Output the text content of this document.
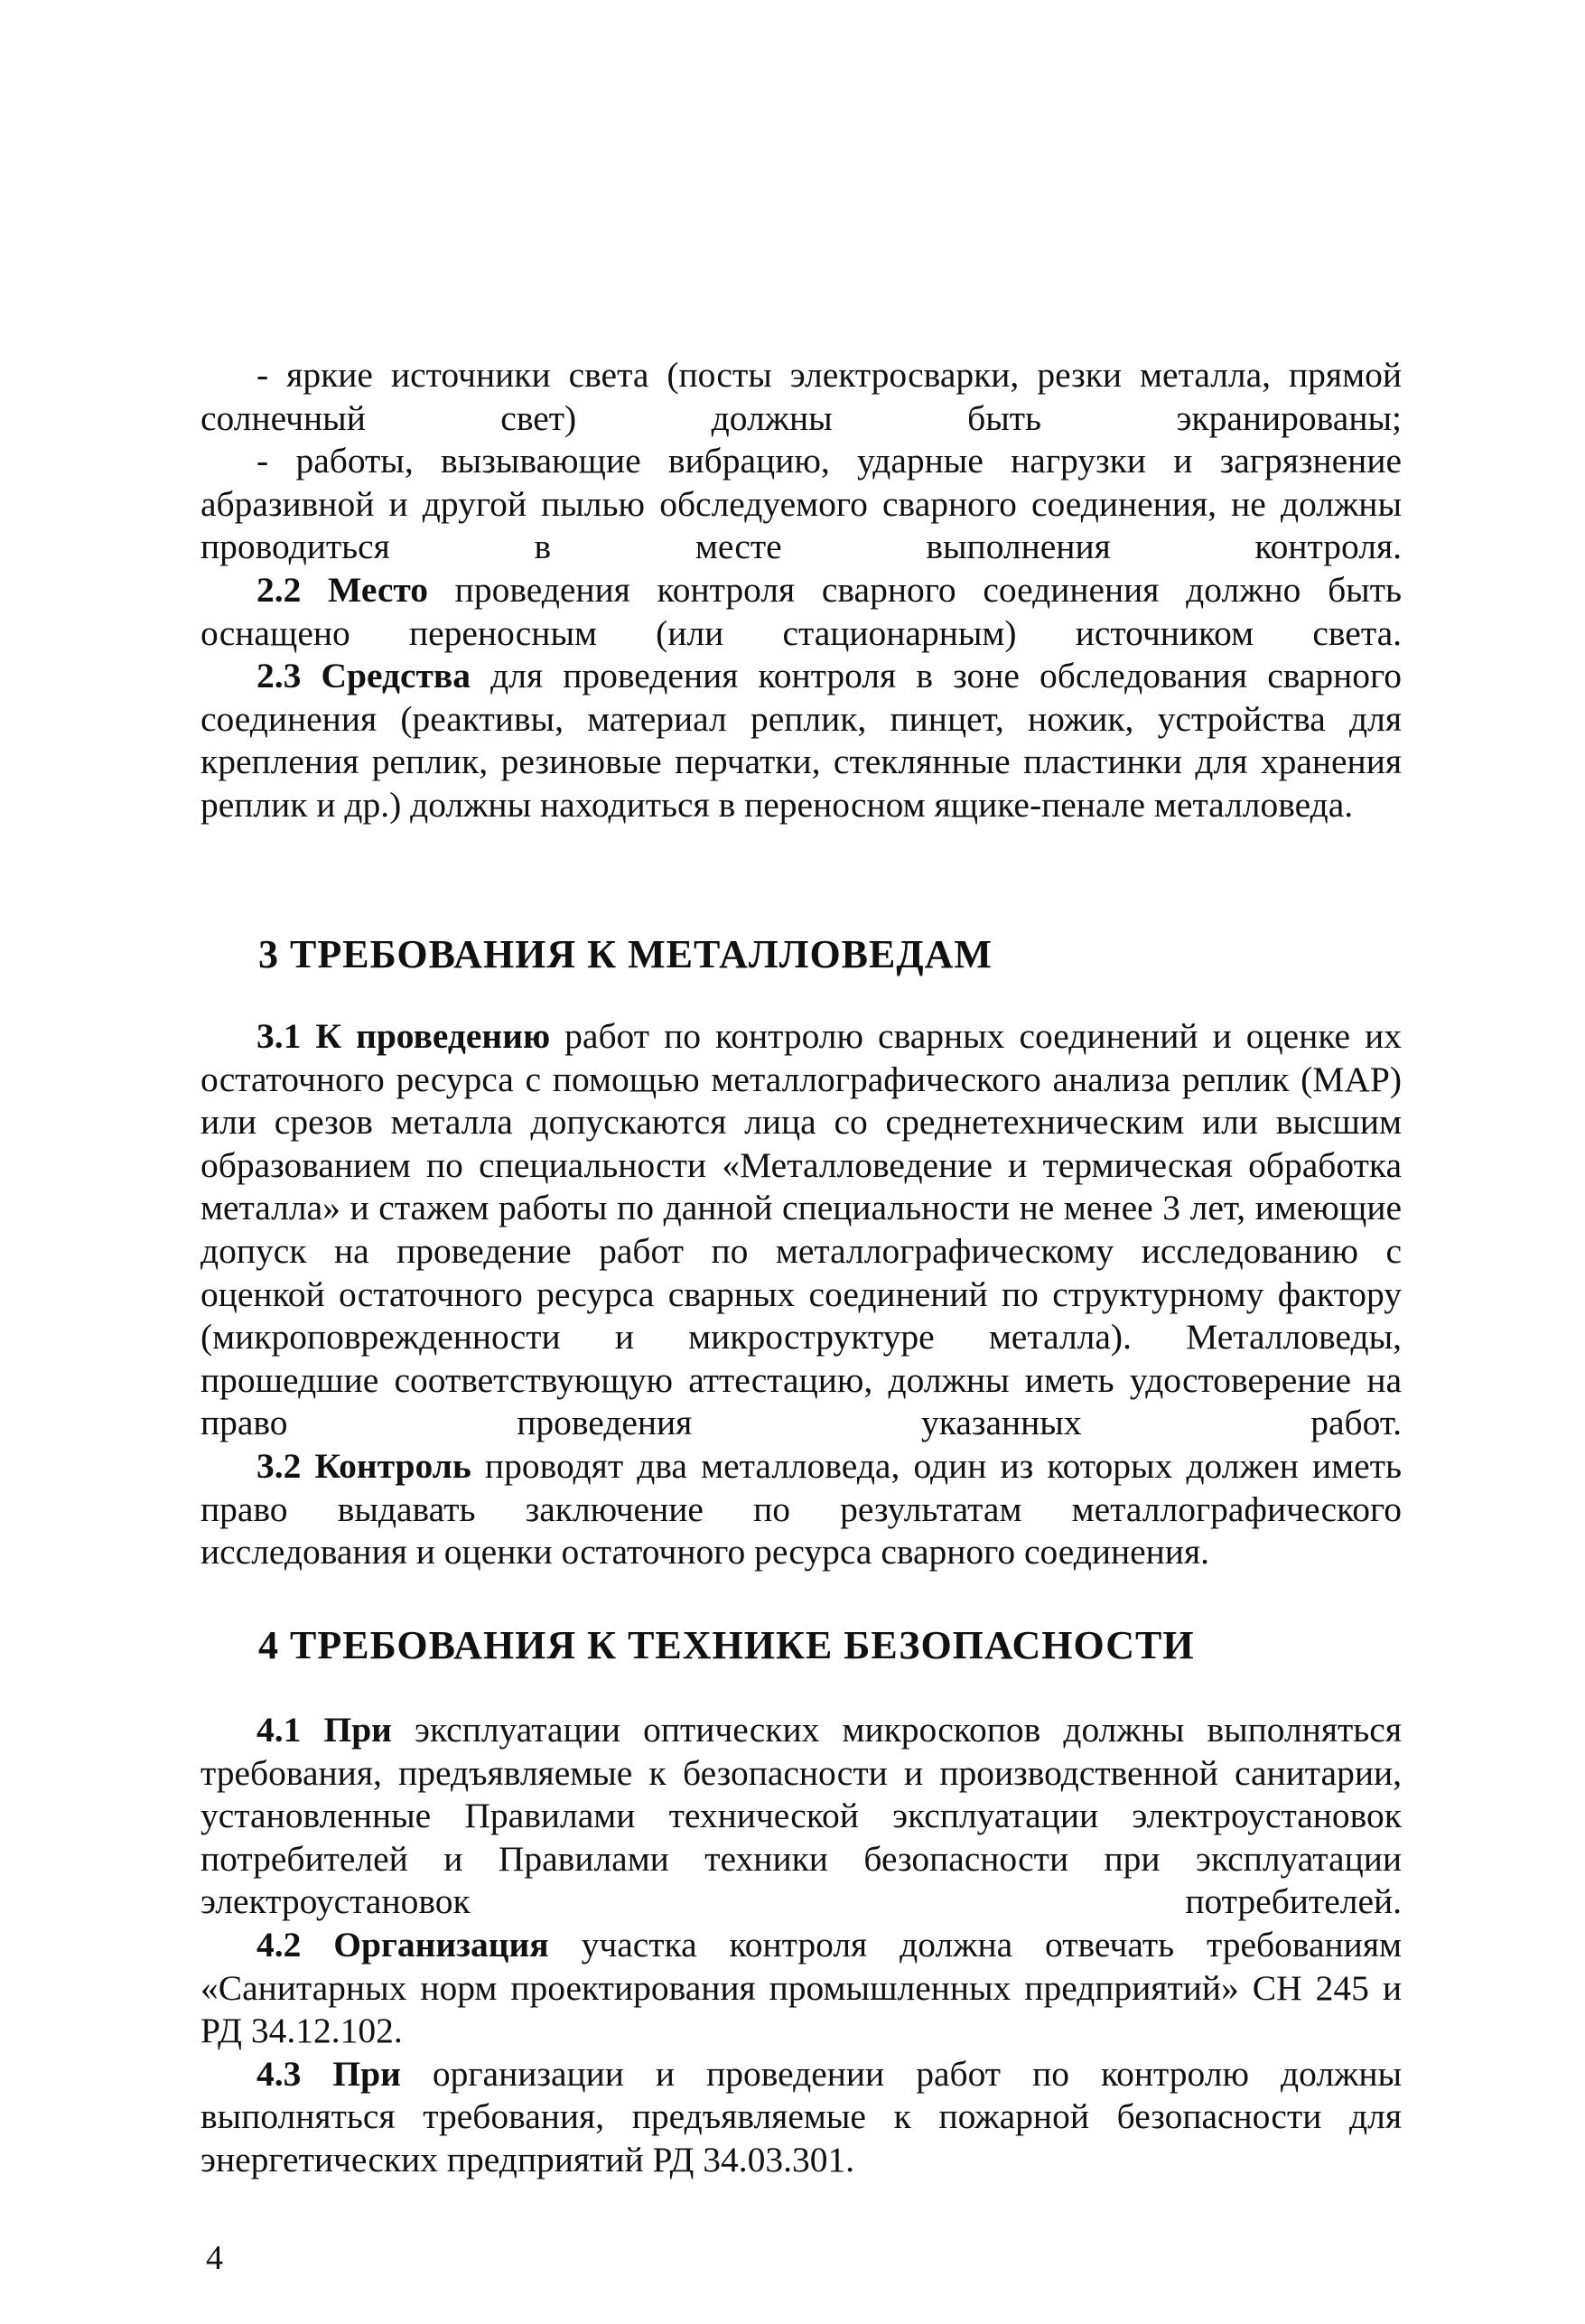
- яркие источники света (посты электросварки, резки металла, прямой солнечный свет) должны быть экранированы;

- работы, вызывающие вибрацию, ударные нагрузки и загрязнение абразивной и другой пылью обследуемого сварного соединения, не должны проводиться в месте выполнения контроля.

2.2 Место проведения контроля сварного соединения должно быть оснащено переносным (или стационарным) источником света.

2.3 Средства для проведения контроля в зоне обследования сварного соединения (реактивы, материал реплик, пинцет, ножик, устройства для крепления реплик, резиновые перчатки, стеклянные пластинки для хранения реплик и др.) должны находиться в переносном ящике-пенале металловеда.

3 ТРЕБОВАНИЯ К МЕТАЛЛОВЕДАМ

3.1 К проведению работ по контролю сварных соединений и оценке их остаточного ресурса с помощью металлографического анализа реплик (МАР) или срезов металла допускаются лица со среднетехническим или высшим образованием по специальности «Металловедение и термическая обработка металла» и стажем работы по данной специальности не менее 3 лет, имеющие допуск на проведение работ по металлографическому исследованию с оценкой остаточного ресурса сварных соединений по структурному фактору (микроповрежденности и микроструктуре металла). Металловеды, прошедшие соответствующую аттестацию, должны иметь удостоверение на право проведения указанных работ.

3.2 Контроль проводят два металловеда, один из которых должен иметь право выдавать заключение по результатам металлографического исследования и оценки остаточного ресурса сварного соединения.

4 ТРЕБОВАНИЯ К ТЕХНИКЕ БЕЗОПАСНОСТИ

4.1 При эксплуатации оптических микроскопов должны выполняться требования, предъявляемые к безопасности и производственной санитарии, установленные Правилами технической эксплуатации электроустановок потребителей и Правилами техники безопасности при эксплуатации электроустановок потребителей.

4.2 Организация участка контроля должна отвечать требованиям «Санитарных норм проектирования промышленных предприятий» СН 245 и РД 34.12.102.

4.3 При организации и проведении работ по контролю должны выполняться требования, предъявляемые к пожарной безопасности для энергетических предприятий РД 34.03.301.

4
